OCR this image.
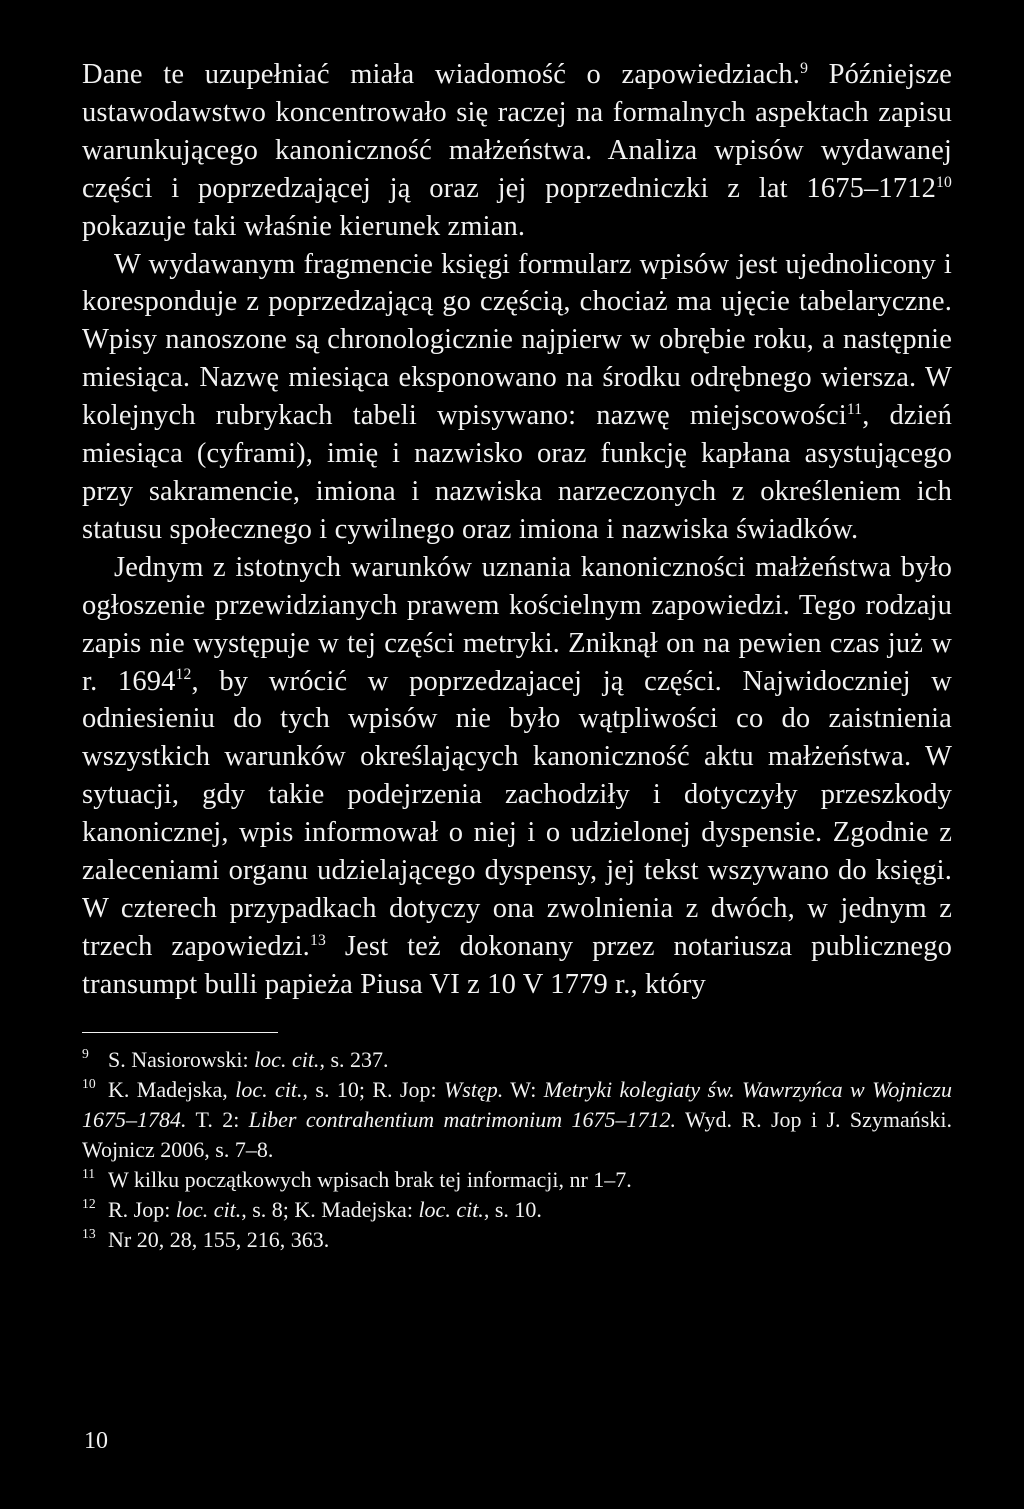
Dane te uzupełniać miała wiadomość o zapowiedziach.$^9$ Późniejsze ustawodawstwo koncentrowało się raczej na formalnych aspektach zapisu warunkującego kanoniczność małżeństwa. Analiza wpisów wydawanej części i poprzedzającej ją oraz jej poprzedniczki z lat 1675–1712$^{10}$ pokazuje taki właśnie kierunek zmian.

W wydawanym fragmencie księgi formularz wpisów jest ujednolicony i koresponduje z poprzedzającą go częścią, chociaż ma ujęcie tabelaryczne. Wpisy nanoszone są chronologicznie najpierw w obrębie roku, a następnie miesiąca. Nazwę miesiąca eksponowano na środku odrębnego wiersza. W kolejnych rubrykach tabeli wpisywano: nazwę miejscowości$^{11}$, dzień miesiąca (cyframi), imię i nazwisko oraz funkcję kapłana asystującego przy sakramencie, imiona i nazwiska narzeczonych z określeniem ich statusu społecznego i cywilnego oraz imiona i nazwiska świadków.

Jednym z istotnych warunków uznania kanoniczności małżeństwa było ogłoszenie przewidzianych prawem kościelnym zapowiedzi. Tego rodzaju zapis nie występuje w tej części metryki. Zniknął on na pewien czas już w r. 1694$^{12}$, by wrócić w poprzedzajacej ją części. Najwidoczniej w odniesieniu do tych wpisów nie było wątpliwości co do zaistnienia wszystkich warunków określających kanoniczność aktu małżeństwa. W sytuacji, gdy takie podejrzenia zachodziły i dotyczyły przeszkody kanonicznej, wpis informował o niej i o udzielonej dyspensie. Zgodnie z zaleceniami organu udzielającego dyspensy, jej tekst wszywano do księgi. W czterech przypadkach dotyczy ona zwolnienia z dwóch, w jednym z trzech zapowiedzi.$^{13}$ Jest też dokonany przez notariusza publicznego transumpt bulli papieża Piusa VI z 10 V 1779 r., który

9 S. Nasiorowski: loc. cit., s. 237.

10 K. Madejska, loc. cit., s. 10; R. Jop: Wstęp. W: Metryki kolegiaty św. Wawrzyńca w Wojniczu 1675–1784. T. 2: Liber contrahentium matrimonium 1675–1712. Wyd. R. Jop i J. Szymański. Wojnicz 2006, s. 7–8.

11 W kilku początkowych wpisach brak tej informacji, nr 1–7.

12 R. Jop: loc. cit., s. 8; K. Madejska: loc. cit., s. 10.

13 Nr 20, 28, 155, 216, 363.

10
